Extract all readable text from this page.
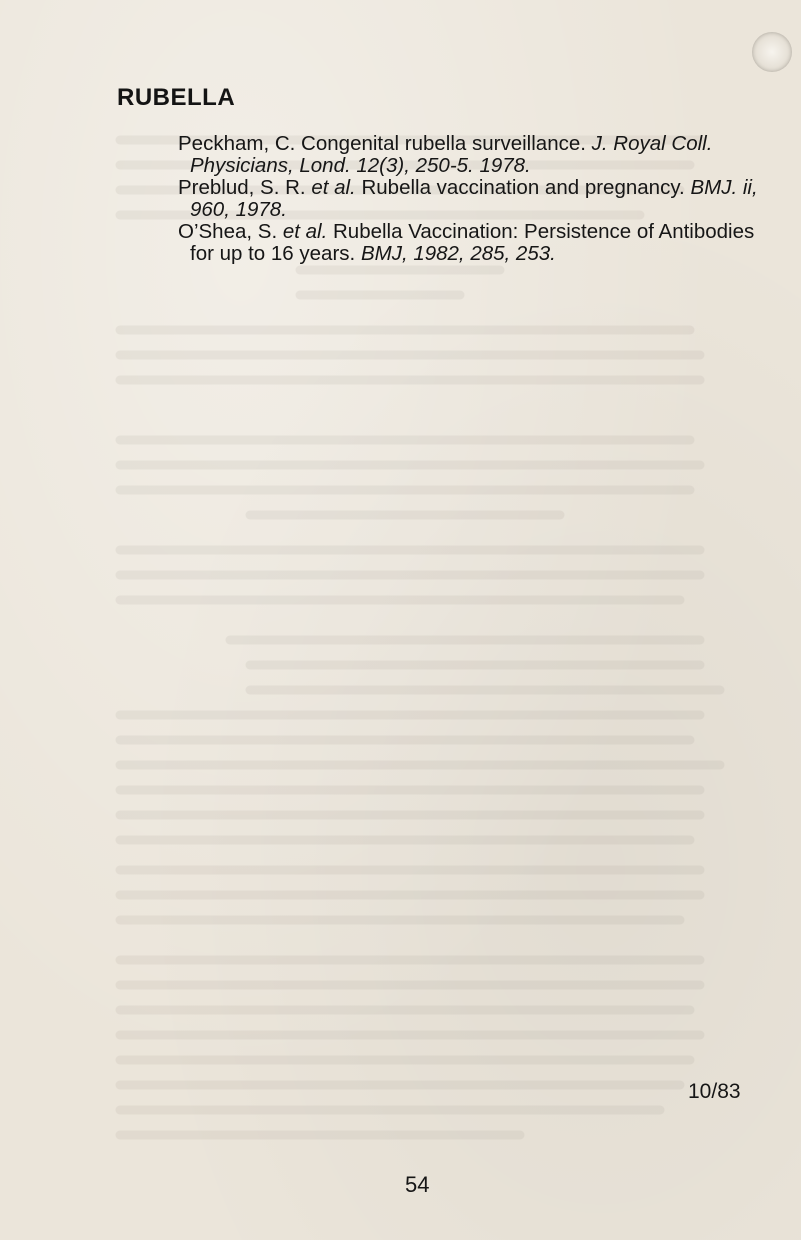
RUBELLA
Peckham, C. Congenital rubella surveillance. J. Royal Coll. Physicians, Lond. 12(3), 250-5. 1978.
Preblud, S. R. et al. Rubella vaccination and pregnancy. BMJ. ii, 960, 1978.
O’Shea, S. et al. Rubella Vaccination: Persistence of Antibodies for up to 16 years. BMJ, 1982, 285, 253.
10/83
54
